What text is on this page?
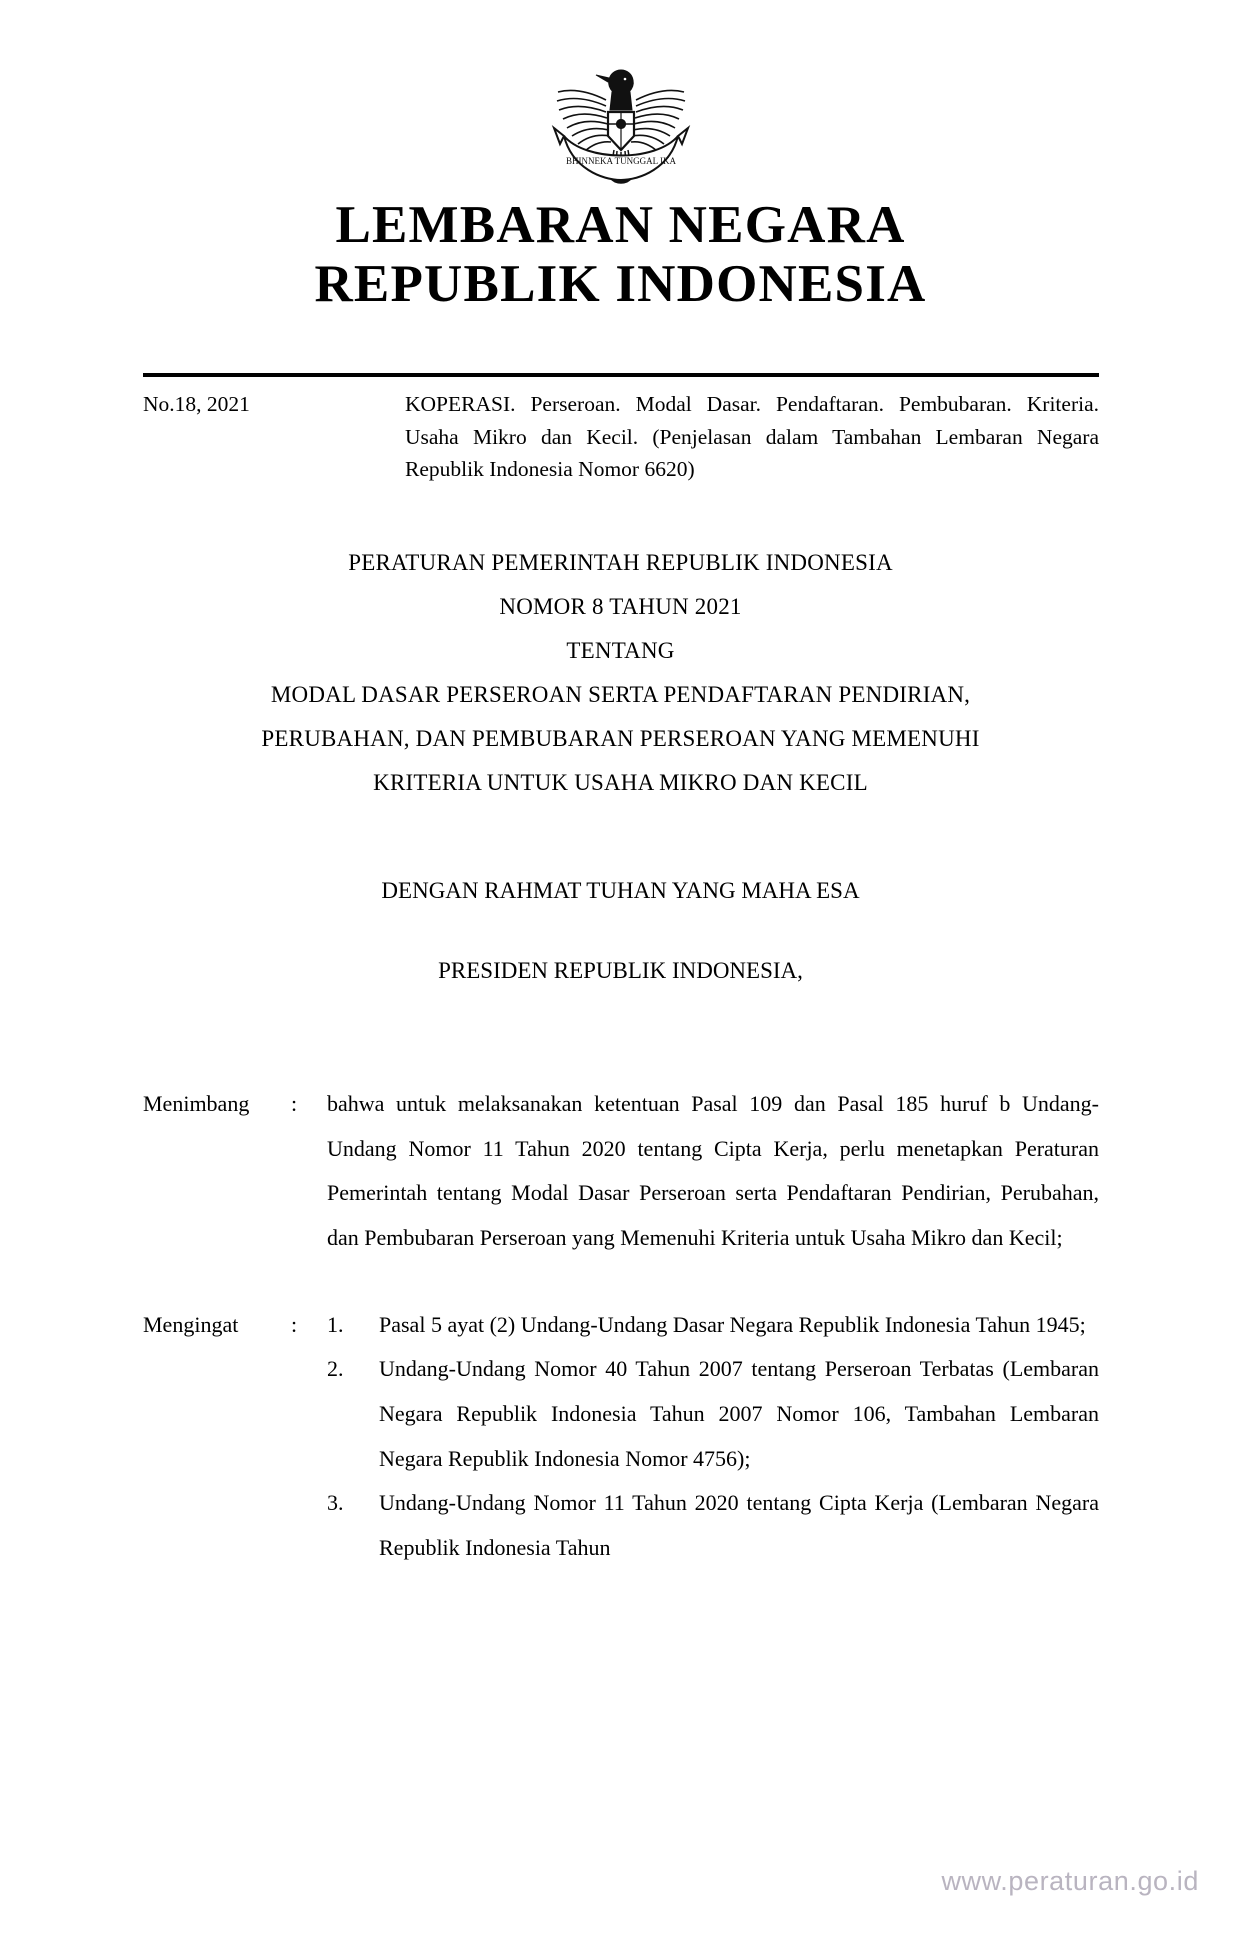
BHINNEKA TUNGGAL IKA
LEMBARAN NEGARA
REPUBLIK INDONESIA
No.18, 2021	KOPERASI. Perseroan. Modal Dasar. Pendaftaran. Pembubaran. Kriteria. Usaha Mikro dan Kecil. (Penjelasan dalam Tambahan Lembaran Negara Republik Indonesia Nomor 6620)
PERATURAN PEMERINTAH REPUBLIK INDONESIA
NOMOR 8 TAHUN 2021
TENTANG
MODAL DASAR PERSEROAN SERTA PENDAFTARAN PENDIRIAN,
PERUBAHAN, DAN PEMBUBARAN PERSEROAN YANG MEMENUHI
KRITERIA UNTUK USAHA MIKRO DAN KECIL
DENGAN RAHMAT TUHAN YANG MAHA ESA
PRESIDEN REPUBLIK INDONESIA,
Menimbang	:	bahwa untuk melaksanakan ketentuan Pasal 109 dan Pasal 185 huruf b Undang-Undang Nomor 11 Tahun 2020 tentang Cipta Kerja, perlu menetapkan Peraturan Pemerintah tentang Modal Dasar Perseroan serta Pendaftaran Pendirian, Perubahan, dan Pembubaran Perseroan yang Memenuhi Kriteria untuk Usaha Mikro dan Kecil;
Mengingat	:	1.	Pasal 5 ayat (2) Undang-Undang Dasar Negara Republik Indonesia Tahun 1945;
2.	Undang-Undang Nomor 40 Tahun 2007 tentang Perseroan Terbatas (Lembaran Negara Republik Indonesia Tahun 2007 Nomor 106, Tambahan Lembaran Negara Republik Indonesia Nomor 4756);
3.	Undang-Undang Nomor 11 Tahun 2020 tentang Cipta Kerja (Lembaran Negara Republik Indonesia Tahun
www.peraturan.go.id
